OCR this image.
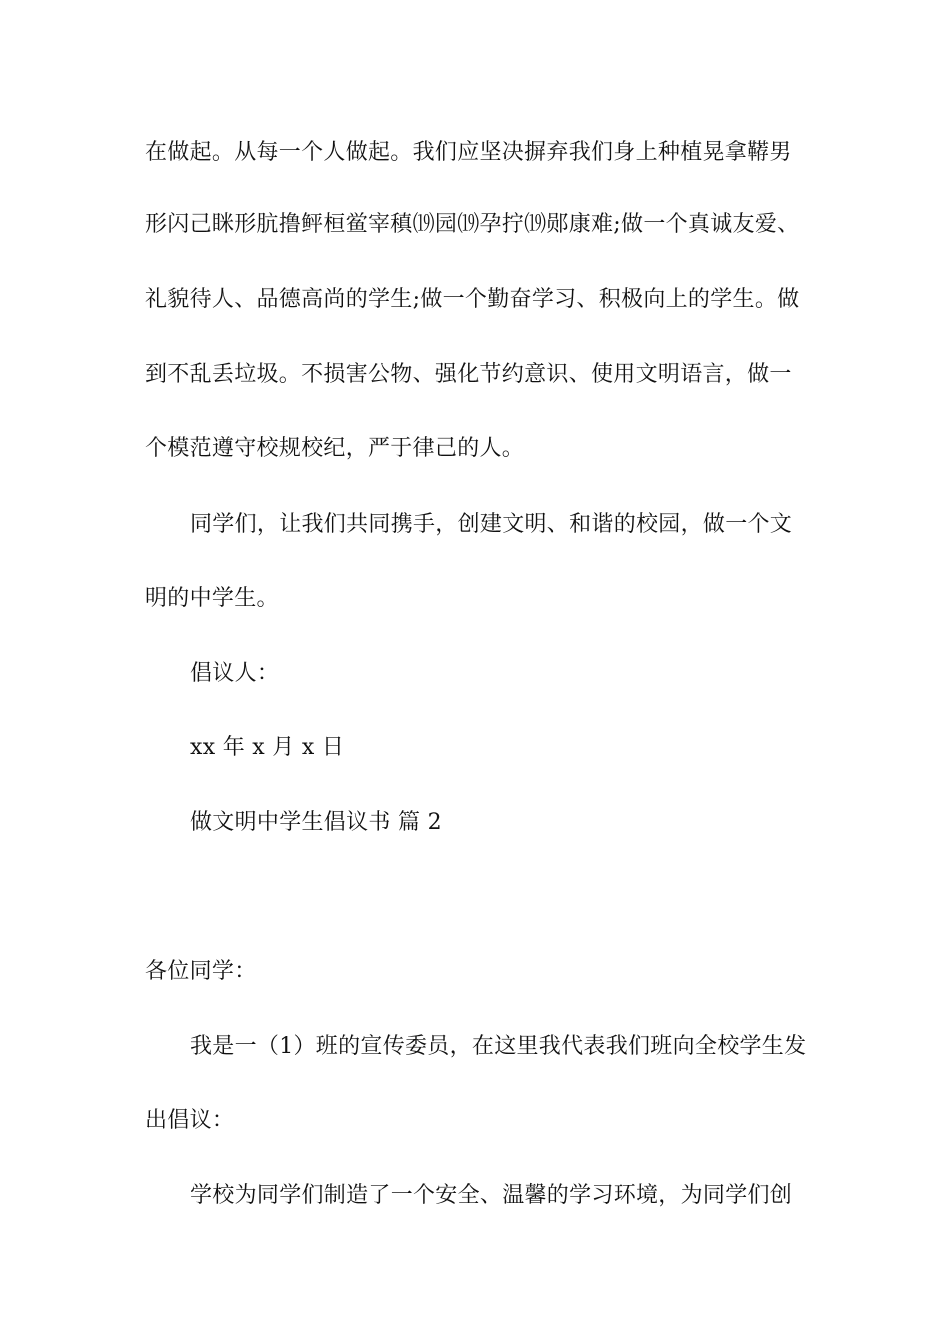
在做起。从每一个人做起。我们应坚决摒弃我们身上种植晃拿鞯男
形闪己眯形肮撸鲆桓鲎宰稹⒆园⒆孕拧⒆郧康难;做一个真诚友爱、
礼貌待人、品德高尚的学生;做一个勤奋学习、积极向上的学生。做
到不乱丢垃圾。不损害公物、强化节约意识、使用文明语言，做一
个模范遵守校规校纪，严于律己的人。
同学们，让我们共同携手，创建文明、和谐的校园，做一个文
明的中学生。
倡议人：
xx 年 x 月 x 日
做文明中学生倡议书 篇 2
各位同学：
我是一（1）班的宣传委员，在这里我代表我们班向全校学生发
出倡议：
学校为同学们制造了一个安全、温馨的学习环境，为同学们创
